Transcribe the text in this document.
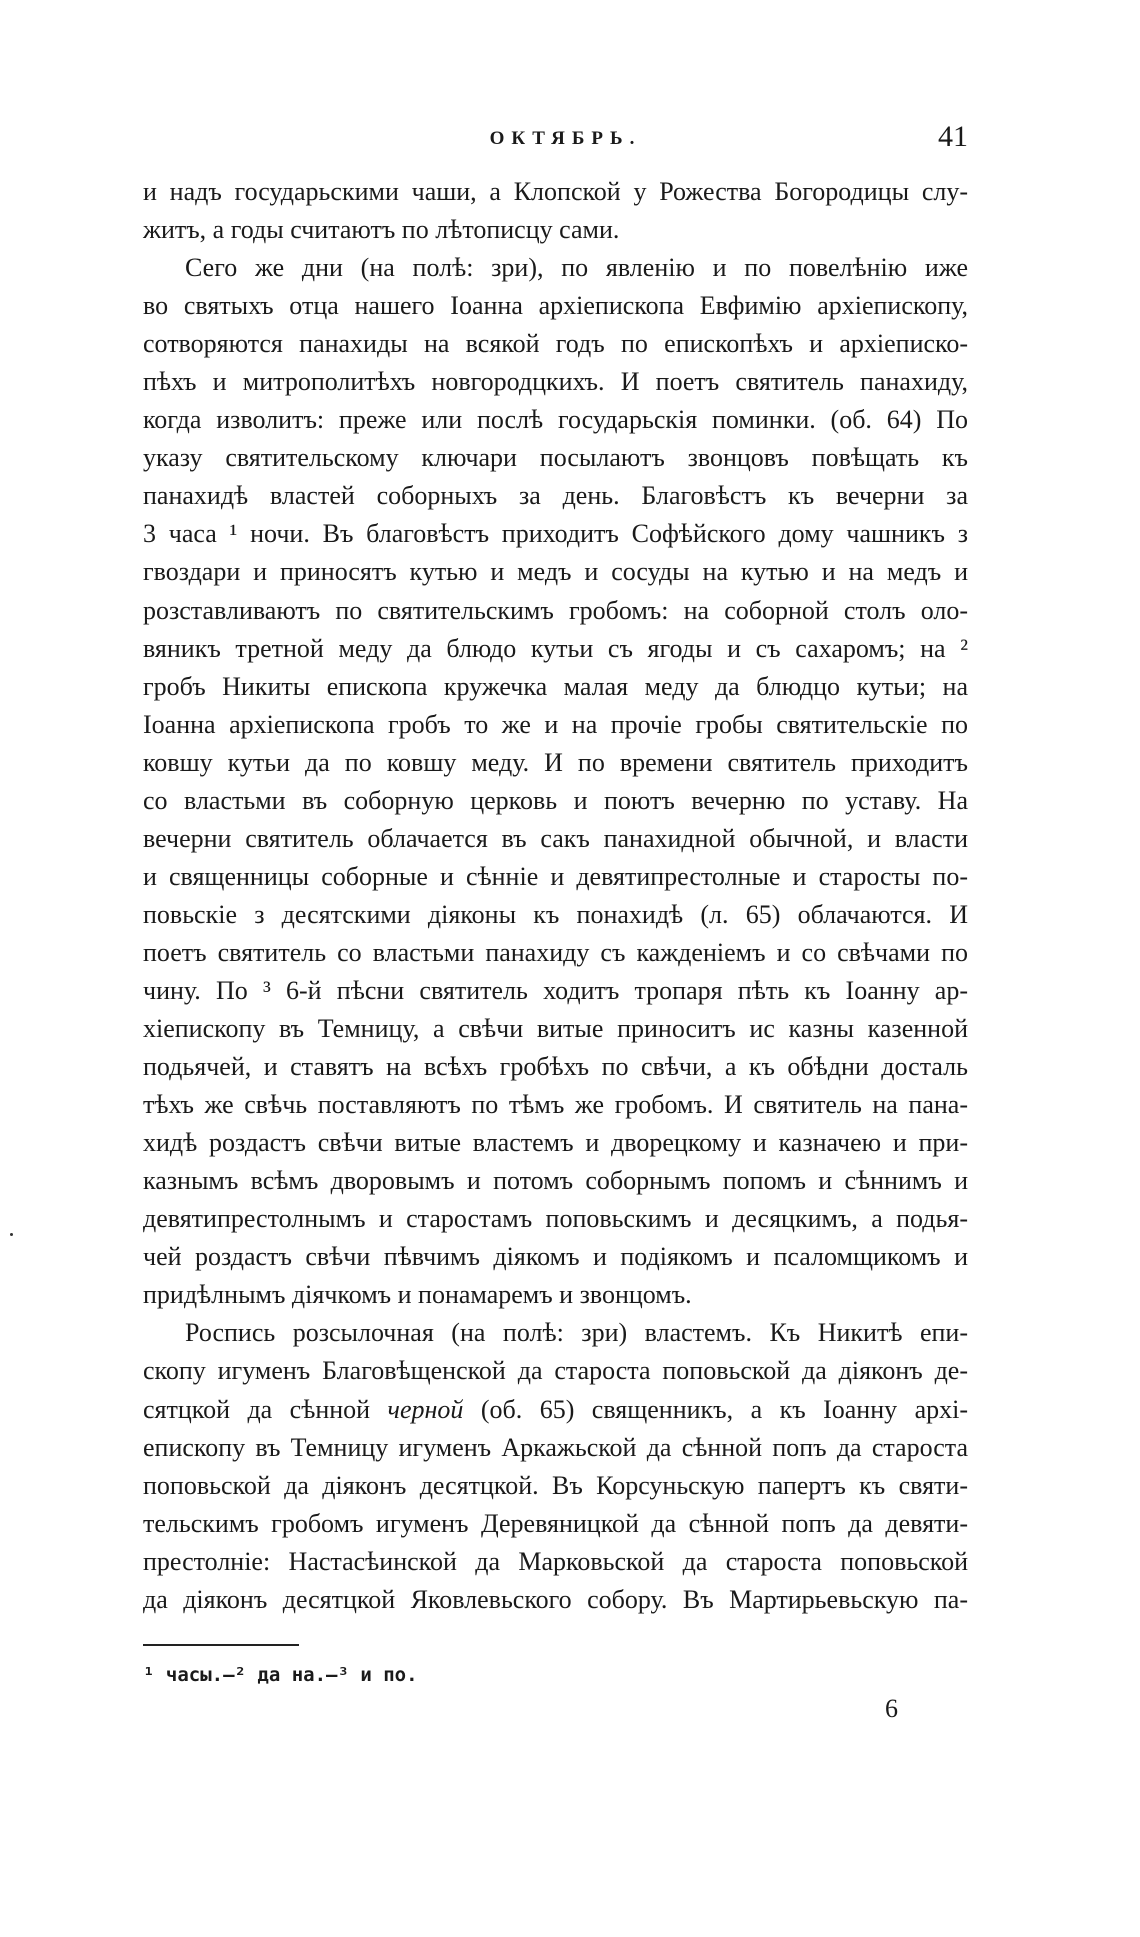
ОКТЯБРЬ.	41
и надъ государьскими чаши, а Клопской у Рожества Богородицы слу-
житъ, а годы считаютъ по лѣтописцу сами.
Сего же дни (на полѣ: зри), по явленію и по повелѣнію иже
во святыхъ отца нашего Іоанна архіепископа Евфимію архіепископу,
сотворяются панахиды на всякой годъ по епископѣхъ и архіеписко-
пѣхъ и митрополитѣхъ новгородцкихъ. И поетъ святитель панахиду,
когда изволитъ: преже или послѣ государьскія поминки. (об. 64) По
указу святительскому ключари посылаютъ звонцовъ повѣщать къ
панахидѣ властей соборныхъ за день. Благовѣстъ къ вечерни за
3 часа ¹ ночи. Въ благовѣстъ приходитъ Софѣйского дому чашникъ з
гвоздари и приносятъ кутью и медъ и сосуды на кутью и на медъ и
розставливаютъ по святительскимъ гробомъ: на соборной столъ оло-
вяникъ третной меду да блюдо кутьи съ ягоды и съ сахаромъ; на ²
гробъ Никиты епископа кружечка малая меду да блюдцо кутьи; на
Іоанна архіепископа гробъ то же и на прочіе гробы святительскіе по
ковшу кутьи да по ковшу меду. И по времени святитель приходитъ
со властьми въ соборную церковь и поютъ вечерню по уставу. На
вечерни святитель облачается въ сакъ панахидной обычной, и власти
и священницы соборные и сѣнніе и девятипрестолные и старосты по-
повьскіе з десятскими діяконы къ понахидѣ (л. 65) облачаются. И
поетъ святитель со властьми панахиду съ кажденіемъ и со свѣчами по
чину. По ³ 6-й пѣсни святитель ходитъ тропаря пѣть къ Іоанну ар-
хіепископу въ Темницу, а свѣчи витые приноситъ ис казны казенной
подьячей, и ставятъ на всѣхъ гробѣхъ по свѣчи, а къ обѣдни досталь
тѣхъ же свѣчь поставляютъ по тѣмъ же гробомъ. И святитель на пана-
хидѣ роздастъ свѣчи витые властемъ и дворецкому и казначею и при-
казнымъ всѣмъ дворовымъ и потомъ соборнымъ попомъ и сѣннимъ и
девятипрестолнымъ и старостамъ поповьскимъ и десяцкимъ, а подья-
чей роздастъ свѣчи пѣвчимъ діякомъ и подіякомъ и псаломщикомъ и
придѣлнымъ діячкомъ и понамаремъ и звонцомъ.
Роспись розсылочная (на полѣ: зри) властемъ. Къ Никитѣ епи-
скопу игуменъ Благовѣщенской да староста поповьской да діяконъ де-
сятцкой да сѣнной черной (об. 65) священникъ, а къ Іоанну архі-
епископу въ Темницу игуменъ Аркажьской да сѣнной попъ да староста
поповьской да діяконъ десятцкой. Въ Корсуньскую папертъ къ святи-
тельскимъ гробомъ игуменъ Деревяницкой да сѣнной попъ да девяти-
престолніе: Настасѣинской да Марковьской да староста поповьской
да діяконъ десятцкой Яковлевьского собору. Въ Мартирьевьскую па-
¹ часы.—² да на.—³ и по.
6
